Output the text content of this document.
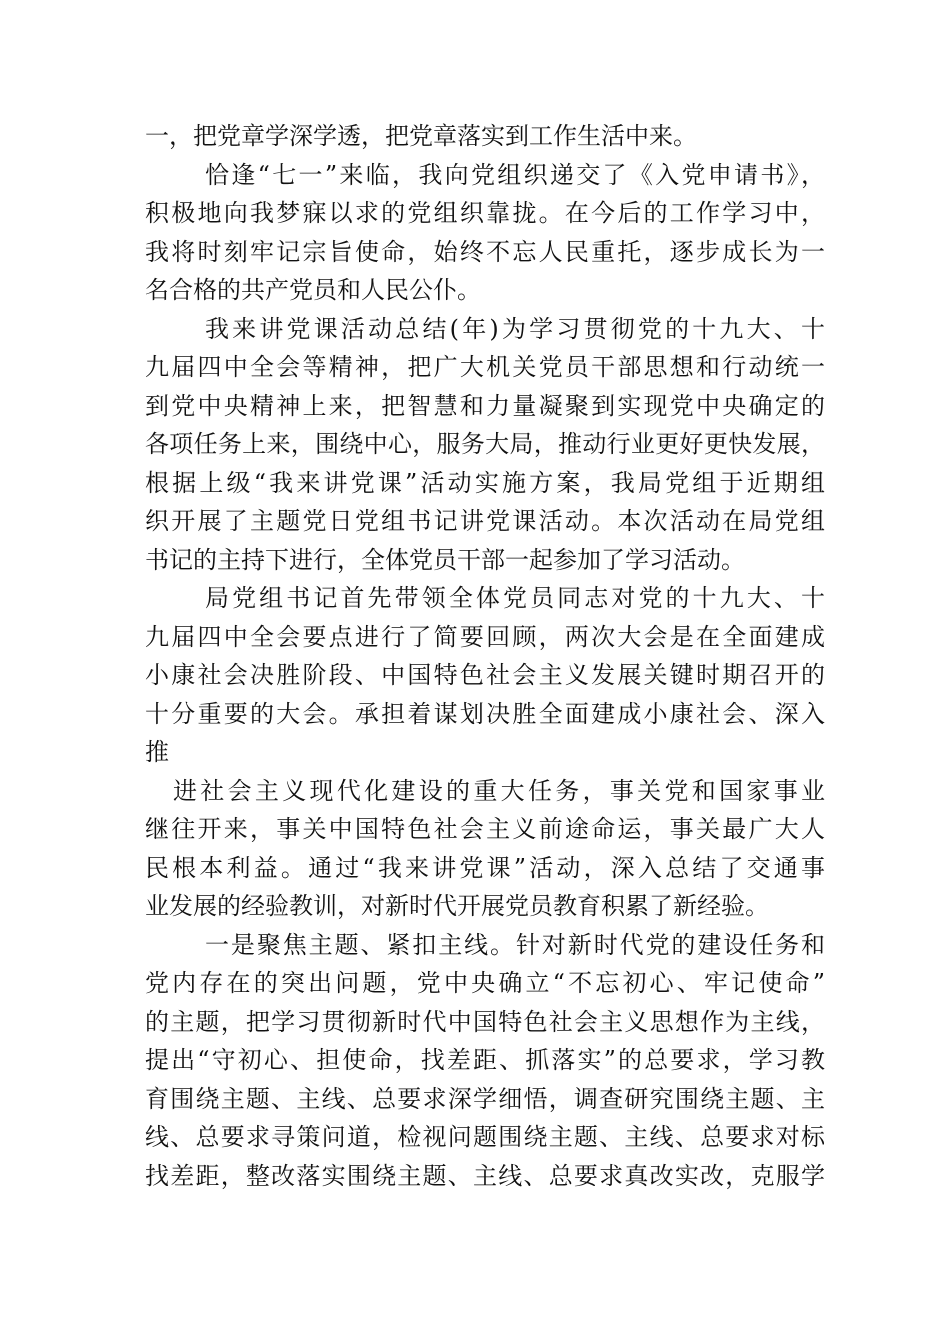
一，把党章学深学透，把党章落实到工作生活中来。
恰逢“七一”来临，我向党组织递交了《入党申请书》，
积极地向我梦寐以求的党组织靠拢。在今后的工作学习中，
我将时刻牢记宗旨使命，始终不忘人民重托，逐步成长为一
名合格的共产党员和人民公仆。
我来讲党课活动总结(年)为学习贯彻党的十九大、十
九届四中全会等精神，把广大机关党员干部思想和行动统一
到党中央精神上来，把智慧和力量凝聚到实现党中央确定的
各项任务上来，围绕中心，服务大局，推动行业更好更快发展，
根据上级“我来讲党课”活动实施方案，我局党组于近期组
织开展了主题党日党组书记讲党课活动。本次活动在局党组
书记的主持下进行，全体党员干部一起参加了学习活动。
局党组书记首先带领全体党员同志对党的十九大、十
九届四中全会要点进行了简要回顾，两次大会是在全面建成
小康社会决胜阶段、中国特色社会主义发展关键时期召开的
十分重要的大会。承担着谋划决胜全面建成小康社会、深入
推
进社会主义现代化建设的重大任务，事关党和国家事业
继往开来，事关中国特色社会主义前途命运，事关最广大人
民根本利益。通过“我来讲党课”活动，深入总结了交通事
业发展的经验教训，对新时代开展党员教育积累了新经验。
一是聚焦主题、紧扣主线。针对新时代党的建设任务和
党内存在的突出问题，党中央确立“不忘初心、牢记使命”
的主题，把学习贯彻新时代中国特色社会主义思想作为主线，
提出“守初心、担使命，找差距、抓落实”的总要求，学习教
育围绕主题、主线、总要求深学细悟，调查研究围绕主题、主
线、总要求寻策问道，检视问题围绕主题、主线、总要求对标
找差距，整改落实围绕主题、主线、总要求真改实改，克服学
